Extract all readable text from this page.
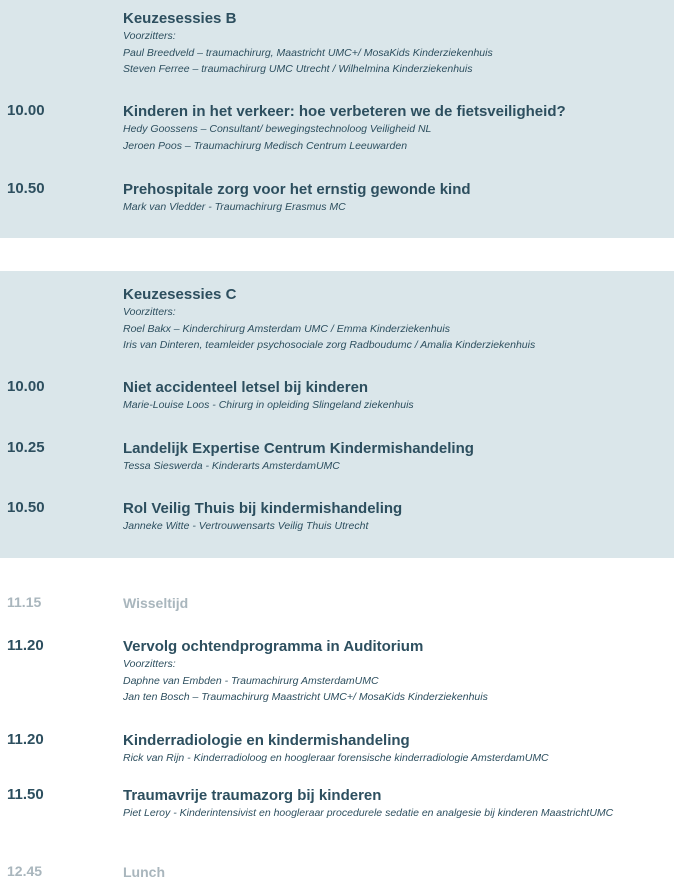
Keuzesessies B
Voorzitters:
Paul Breedveld – traumachirurg, Maastricht UMC+/ MosaKids Kinderziekenhuis
Steven Ferree – traumachirurg UMC Utrecht / Wilhelmina Kinderziekenhuis
10.00	Kinderen in het verkeer: hoe verbeteren we de fietsveiligheid?
Hedy Goossens – Consultant/ bewegingstechnoloog Veiligheid NL
Jeroen Poos – Traumachirurg Medisch Centrum Leeuwarden
10.50	Prehospitale zorg voor het ernstig gewonde kind
Mark van Vledder - Traumachirurg Erasmus MC
Keuzesessies C
Voorzitters:
Roel Bakx – Kinderchirurg Amsterdam UMC / Emma Kinderziekenhuis
Iris van Dinteren, teamleider psychosociale zorg Radboudumc / Amalia Kinderziekenhuis
10.00	Niet accidenteel letsel bij kinderen
Marie-Louise Loos - Chirurg in opleiding Slingeland ziekenhuis
10.25	Landelijk Expertise Centrum Kindermishandeling
Tessa Sieswerda - Kinderarts AmsterdamUMC
10.50	Rol Veilig Thuis bij kindermishandeling
Janneke Witte - Vertrouwensarts Veilig Thuis Utrecht
11.15	Wisseltijd
11.20	Vervolg ochtendprogramma in Auditorium
Voorzitters:
Daphne van Embden - Traumachirurg AmsterdamUMC
Jan ten Bosch – Traumachirurg Maastricht UMC+/ MosaKids Kinderziekenhuis
11.20	Kinderradiologie en kindermishandeling
Rick van Rijn - Kinderradioloog en hoogleraar forensische kinderradiologie AmsterdamUMC
11.50	Traumavrije traumazorg bij kinderen
Piet Leroy - Kinderintensivist en hoogleraar procedurele sedatie en analgesie bij kinderen MaastrichtUMC
12.45	Lunch
